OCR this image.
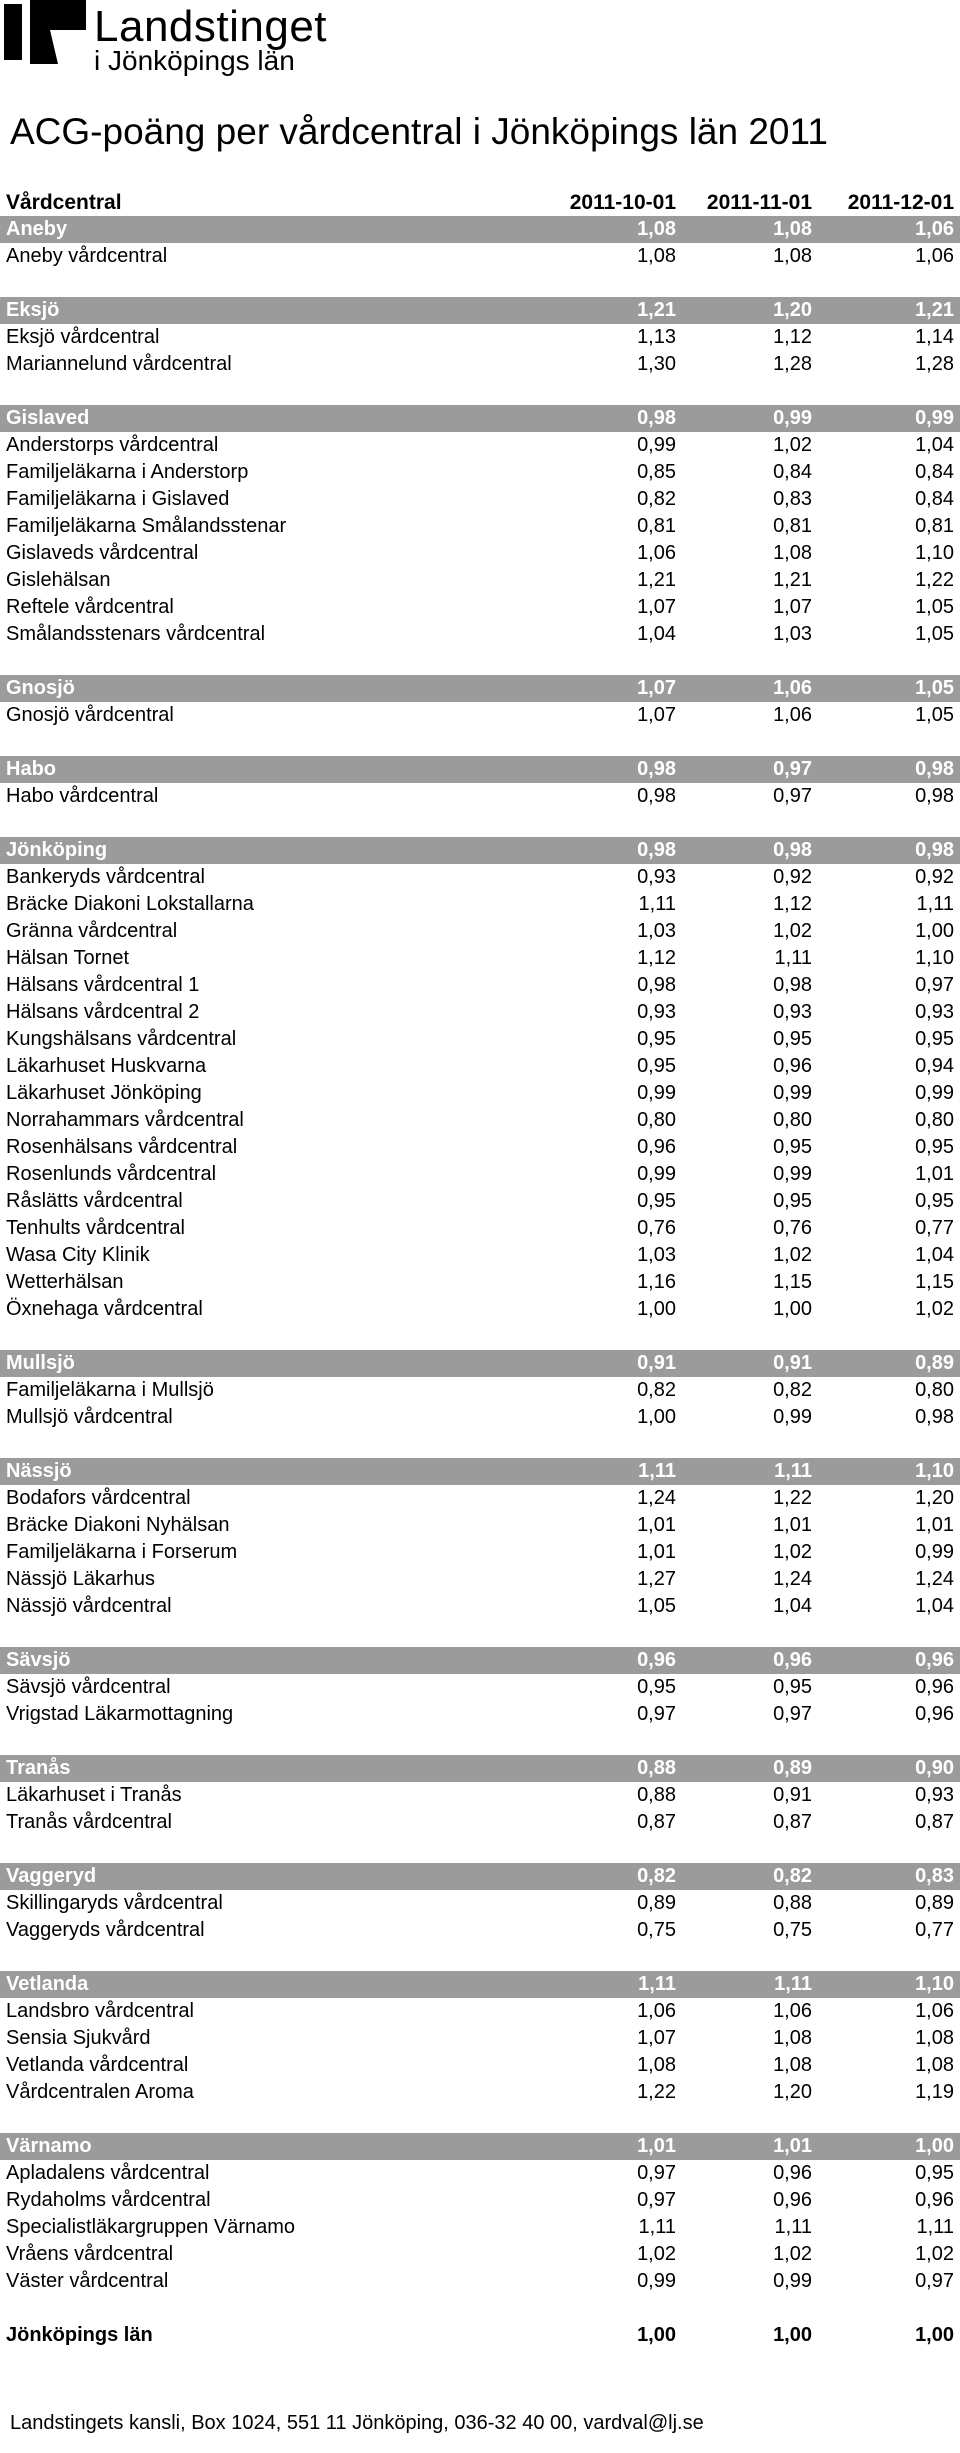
Landstinget
i Jönköpings län
ACG-poäng per vårdcentral i Jönköpings län 2011
Vårdcentral	2011-10-01	2011-11-01	2011-12-01
Aneby	1,08	1,08	1,06
Aneby vårdcentral	1,08	1,08	1,06

Eksjö	1,21	1,20	1,21
Eksjö vårdcentral	1,13	1,12	1,14
Mariannelund vårdcentral	1,30	1,28	1,28

Gislaved	0,98	0,99	0,99
Anderstorps vårdcentral	0,99	1,02	1,04
Familjeläkarna i Anderstorp	0,85	0,84	0,84
Familjeläkarna i Gislaved	0,82	0,83	0,84
Familjeläkarna Smålandsstenar	0,81	0,81	0,81
Gislaveds vårdcentral	1,06	1,08	1,10
Gislehälsan	1,21	1,21	1,22
Reftele vårdcentral	1,07	1,07	1,05
Smålandsstenars vårdcentral	1,04	1,03	1,05

Gnosjö	1,07	1,06	1,05
Gnosjö vårdcentral	1,07	1,06	1,05

Habo	0,98	0,97	0,98
Habo vårdcentral	0,98	0,97	0,98

Jönköping	0,98	0,98	0,98
Bankeryds vårdcentral	0,93	0,92	0,92
Bräcke Diakoni Lokstallarna	1,11	1,12	1,11
Gränna vårdcentral	1,03	1,02	1,00
Hälsan Tornet	1,12	1,11	1,10
Hälsans vårdcentral 1	0,98	0,98	0,97
Hälsans vårdcentral 2	0,93	0,93	0,93
Kungshälsans vårdcentral	0,95	0,95	0,95
Läkarhuset Huskvarna	0,95	0,96	0,94
Läkarhuset Jönköping	0,99	0,99	0,99
Norrahammars vårdcentral	0,80	0,80	0,80
Rosenhälsans vårdcentral	0,96	0,95	0,95
Rosenlunds vårdcentral	0,99	0,99	1,01
Råslätts vårdcentral	0,95	0,95	0,95
Tenhults vårdcentral	0,76	0,76	0,77
Wasa City Klinik	1,03	1,02	1,04
Wetterhälsan	1,16	1,15	1,15
Öxnehaga vårdcentral	1,00	1,00	1,02

Mullsjö	0,91	0,91	0,89
Familjeläkarna i Mullsjö	0,82	0,82	0,80
Mullsjö vårdcentral	1,00	0,99	0,98

Nässjö	1,11	1,11	1,10
Bodafors vårdcentral	1,24	1,22	1,20
Bräcke Diakoni Nyhälsan	1,01	1,01	1,01
Familjeläkarna i Forserum	1,01	1,02	0,99
Nässjö Läkarhus	1,27	1,24	1,24
Nässjö vårdcentral	1,05	1,04	1,04

Sävsjö	0,96	0,96	0,96
Sävsjö vårdcentral	0,95	0,95	0,96
Vrigstad Läkarmottagning	0,97	0,97	0,96

Tranås	0,88	0,89	0,90
Läkarhuset i Tranås	0,88	0,91	0,93
Tranås vårdcentral	0,87	0,87	0,87

Vaggeryd	0,82	0,82	0,83
Skillingaryds vårdcentral	0,89	0,88	0,89
Vaggeryds vårdcentral	0,75	0,75	0,77

Vetlanda	1,11	1,11	1,10
Landsbro vårdcentral	1,06	1,06	1,06
Sensia Sjukvård	1,07	1,08	1,08
Vetlanda vårdcentral	1,08	1,08	1,08
Vårdcentralen Aroma	1,22	1,20	1,19

Värnamo	1,01	1,01	1,00
Apladalens vårdcentral	0,97	0,96	0,95
Rydaholms vårdcentral	0,97	0,96	0,96
Specialistläkargruppen Värnamo	1,11	1,11	1,11
Vråens vårdcentral	1,02	1,02	1,02
Väster vårdcentral	0,99	0,99	0,97

Jönköpings län	1,00	1,00	1,00
Landstingets kansli, Box 1024, 551 11 Jönköping, 036-32 40 00, vardval@lj.se
